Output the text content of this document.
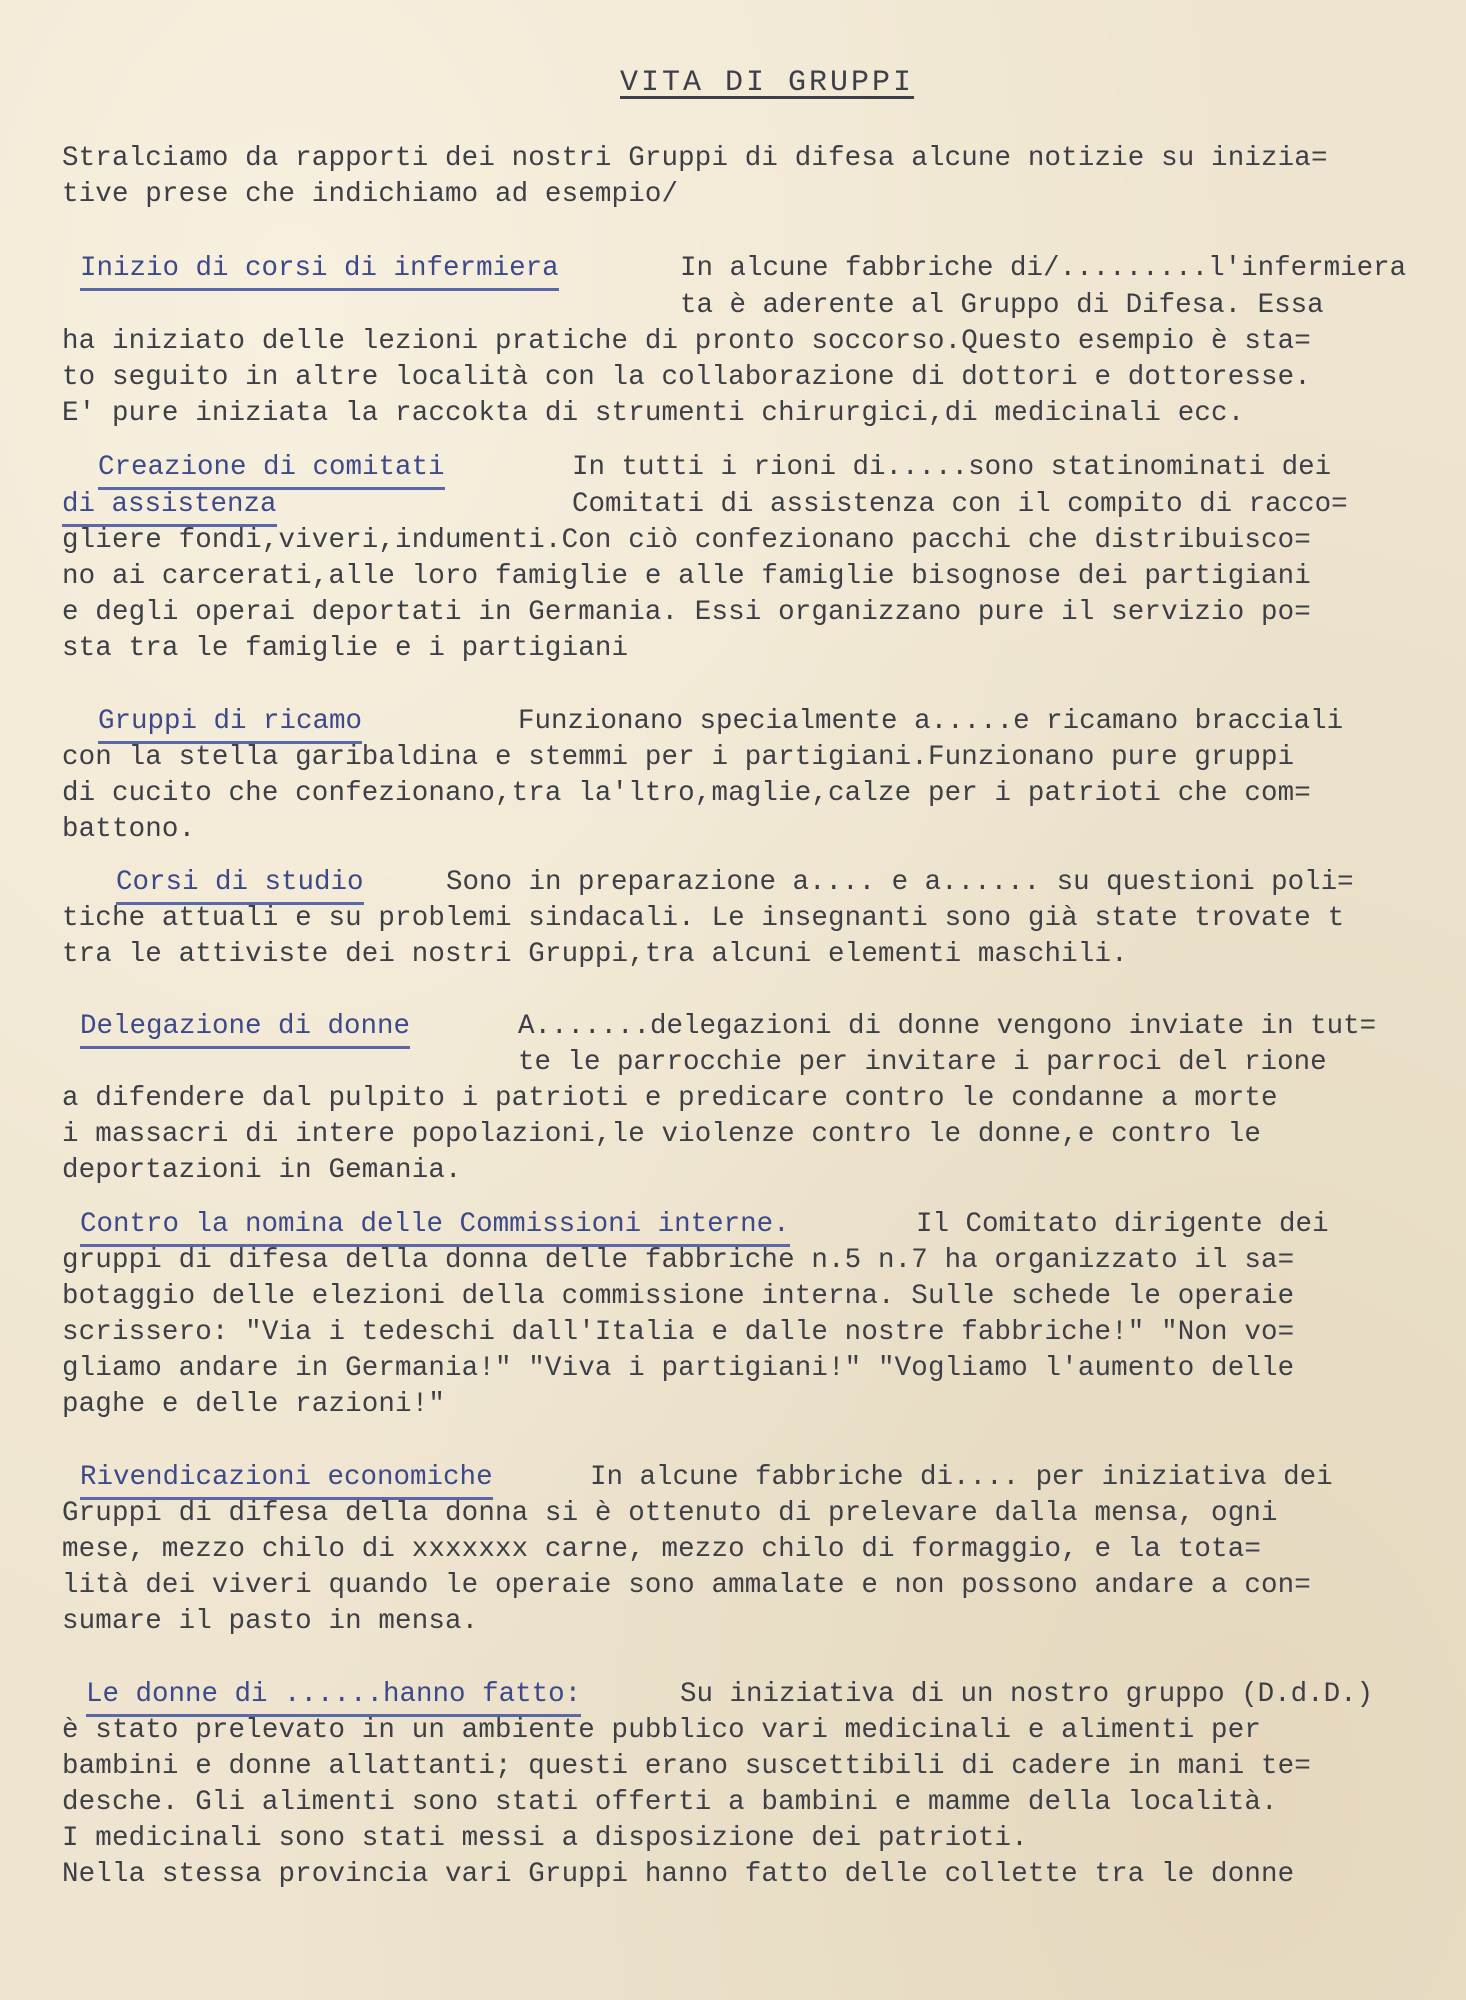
VITA DI GRUPPI
Stralciamo da rapporti dei nostri Gruppi di difesa alcune notizie su inizia=
tive prese che indichiamo ad esempio/
Inizio di corsi di infermiera	In alcune fabbriche di/.........l'infermiera
ta è aderente al Gruppo di Difesa. Essa
ha iniziato delle lezioni pratiche di pronto soccorso.Questo esempio è sta=
to seguito in altre località con la collaborazione di dottori e dottoresse.
E' pure iniziata la raccokta di strumenti chirurgici,di medicinali ecc.
Creazione di comitati
di assistenza
In tutti i rioni di.....sono statinominati dei
Comitati di assistenza con il compito di racco=
gliere fondi,viveri,indumenti.Con ciò confezionano pacchi che distribuisco=
no ai carcerati,alle loro famiglie e alle famiglie bisognose dei partigiani
e degli operai deportati in Germania. Essi organizzano pure il servizio po=
sta tra le famiglie e i partigiani
Gruppi di ricamo	Funzionano specialmente a.....e ricamano bracciali
con la stella garibaldina e stemmi per i partigiani.Funzionano pure gruppi
di cucito che confezionano,tra la'ltro,maglie,calze per i patrioti che com=
battono.
Corsi di studio	Sono in preparazione a.... e a...... su questioni poli=
tiche attuali e su problemi sindacali. Le insegnanti sono già state trovate t
tra le attiviste dei nostri Gruppi,tra alcuni elementi maschili.
Delegazione di donne	A.......delegazioni di donne vengono inviate in tut=
te le parrocchie per invitare i parroci del rione
a difendere dal pulpito i patrioti e predicare contro le condanne a morte
i massacri di intere popolazioni,le violenze contro le donne,e contro le
deportazioni in Gemania.
Contro la nomina delle Commissioni interne.	Il Comitato dirigente dei
gruppi di difesa della donna delle fabbriche n.5 n.7 ha organizzato il sa=
botaggio delle elezioni della commissione interna. Sulle schede le operaie
scrissero: "Via i tedeschi dall'Italia e dalle nostre fabbriche!" "Non vo=
gliamo andare in Germania!" "Viva i partigiani!" "Vogliamo l'aumento delle
paghe e delle razioni!"
Rivendicazioni economiche	In alcune fabbriche di.... per iniziativa dei
Gruppi di difesa della donna si è ottenuto di prelevare dalla mensa, ogni
mese, mezzo chilo di xxxxxxx carne, mezzo chilo di formaggio, e la tota=
lità dei viveri quando le operaie sono ammalate e non possono andare a con=
sumare il pasto in mensa.
Le donne di ......hanno fatto:	Su iniziativa di un nostro gruppo (D.d.D.)
è stato prelevato in un ambiente pubblico vari medicinali e alimenti per
bambini e donne allattanti; questi erano suscettibili di cadere in mani te=
desche. Gli alimenti sono stati offerti a bambini e mamme della località.
I medicinali sono stati messi a disposizione dei patrioti.
Nella stessa provincia vari Gruppi hanno fatto delle collette tra le donne
